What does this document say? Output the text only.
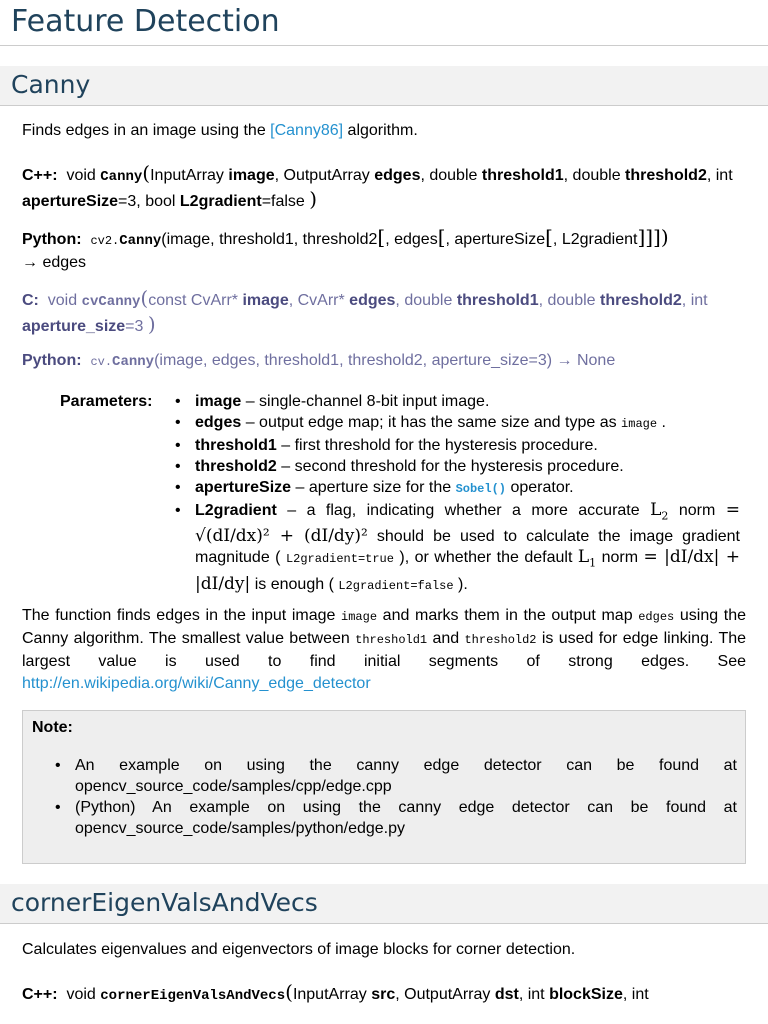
Feature Detection
Canny
Finds edges in an image using the [Canny86] algorithm.
C++: void Canny(InputArray image, OutputArray edges, double threshold1, double threshold2, int apertureSize=3, bool L2gradient=false )
Python: cv2.Canny(image, threshold1, threshold2[, edges[, apertureSize[, L2gradient]]])
→ edges
C: void cvCanny(const CvArr* image, CvArr* edges, double threshold1, double threshold2, int aperture_size=3 )
Python: cv.Canny(image, edges, threshold1, threshold2, aperture_size=3) → None
Parameters: • image – single-channel 8-bit input image.
• edges – output edge map; it has the same size and type as image .
• threshold1 – first threshold for the hysteresis procedure.
• threshold2 – second threshold for the hysteresis procedure.
• apertureSize – aperture size for the Sobel() operator.
• L2gradient – a flag, indicating whether a more accurate $L_2$ norm = √(dI/dx)² + (dI/dy)² should be used to calculate the image gradient magnitude ( L2gradient=true ), or whether the default $L_1$ norm = |dI/dx| + |dI/dy| is enough ( L2gradient=false ).
The function finds edges in the input image image and marks them in the output map edges using the Canny algorithm. The smallest value between threshold1 and threshold2 is used for edge linking. The largest value is used to find initial segments of strong edges. See http://en.wikipedia.org/wiki/Canny_edge_detector
Note:
• An example on using the canny edge detector can be found at opencv_source_code/samples/cpp/edge.cpp
• (Python) An example on using the canny edge detector can be found at opencv_source_code/samples/python/edge.py
cornerEigenValsAndVecs
Calculates eigenvalues and eigenvectors of image blocks for corner detection.
C++: void cornerEigenValsAndVecs(InputArray src, OutputArray dst, int blockSize, int
